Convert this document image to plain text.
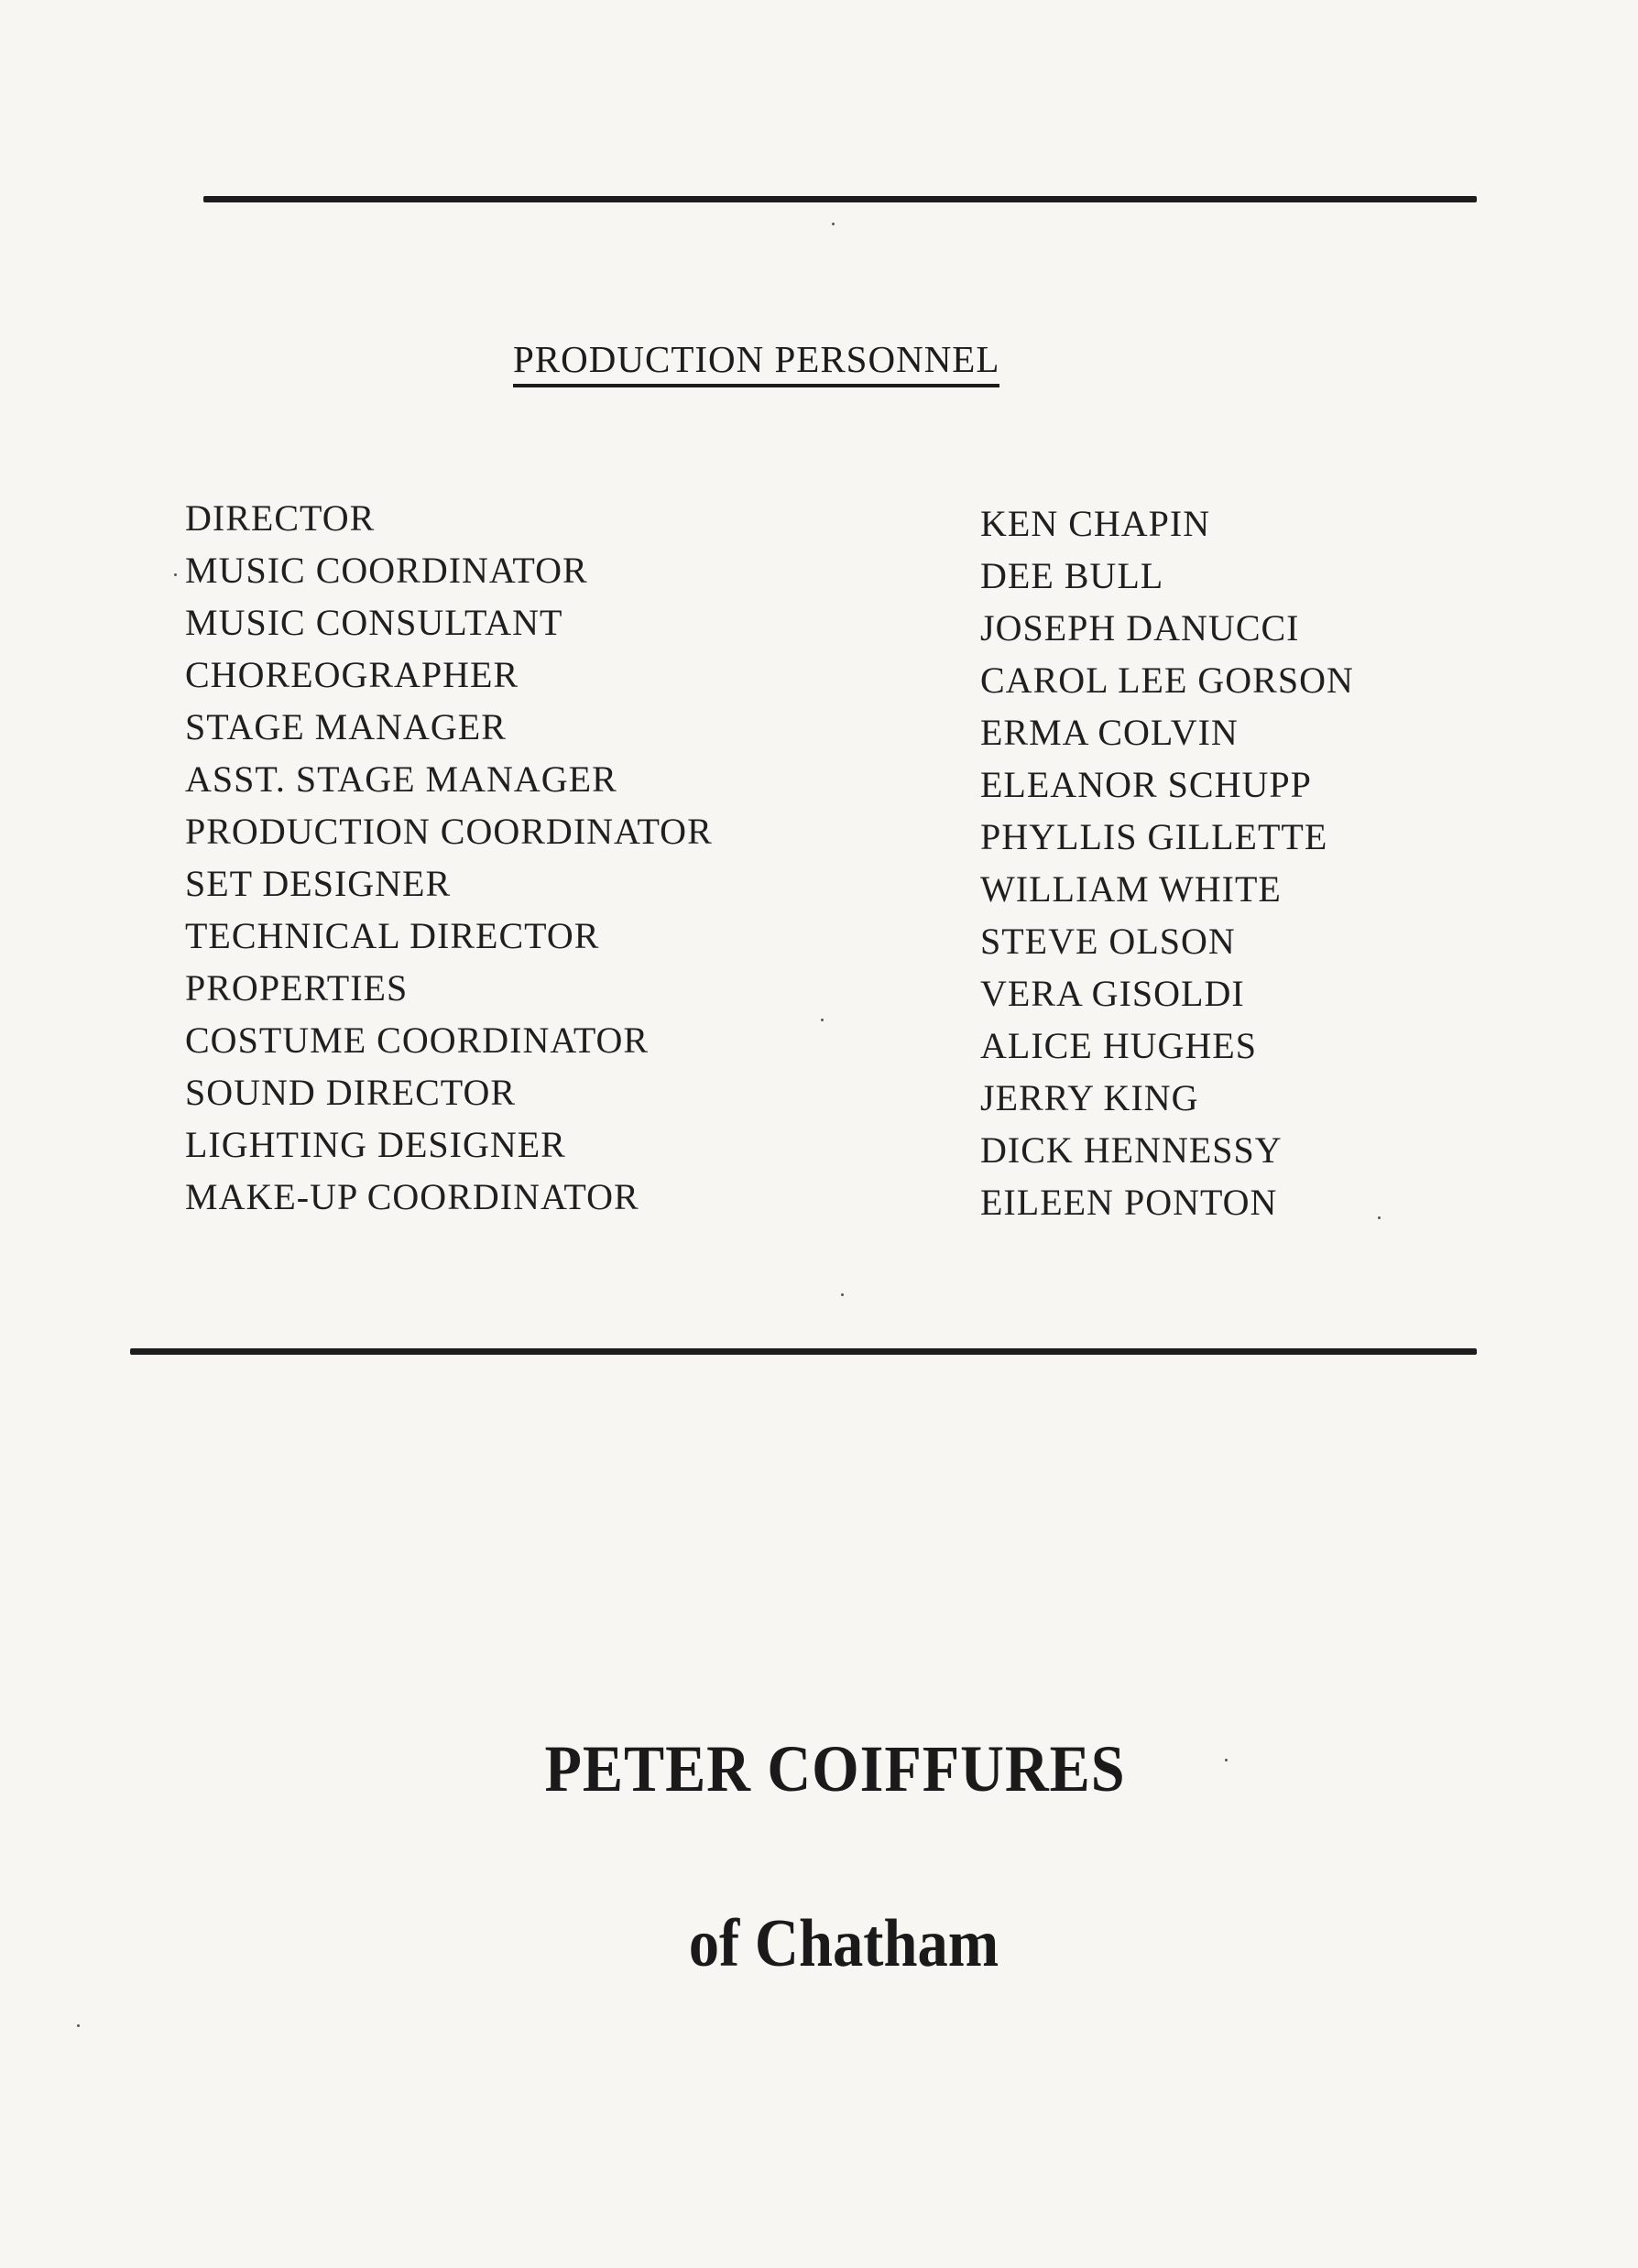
PRODUCTION PERSONNEL
DIRECTOR
MUSIC COORDINATOR
MUSIC CONSULTANT
CHOREOGRAPHER
STAGE MANAGER
ASST. STAGE MANAGER
PRODUCTION COORDINATOR
SET DESIGNER
TECHNICAL DIRECTOR
PROPERTIES
COSTUME COORDINATOR
SOUND DIRECTOR
LIGHTING DESIGNER
MAKE-UP COORDINATOR
KEN CHAPIN
DEE BULL
JOSEPH DANUCCI
CAROL LEE GORSON
ERMA COLVIN
ELEANOR SCHUPP
PHYLLIS GILLETTE
WILLIAM WHITE
STEVE OLSON
VERA GISOLDI
ALICE HUGHES
JERRY KING
DICK HENNESSY
EILEEN PONTON
PETER COIFFURES
of Chatham
